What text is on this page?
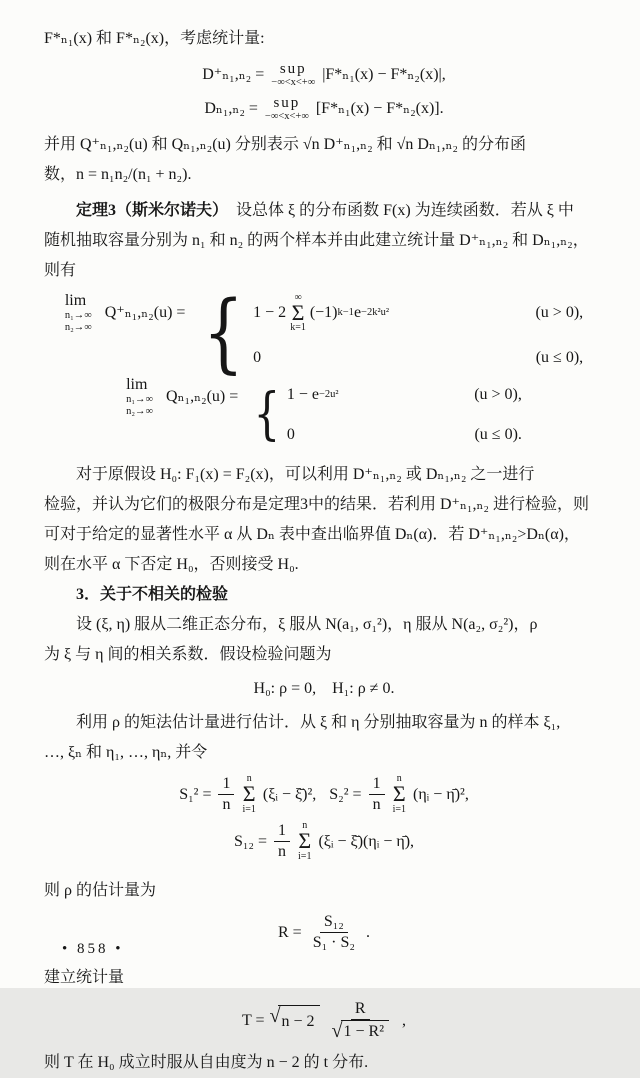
F*ₙ₁(x) 和 F*ₙ₂(x)，考虑统计量:
D⁺ₙ₁,ₙ₂ = sup
−∞<x<+∞ |F*ₙ₁(x) − F*ₙ₂(x)|,
Dₙ₁,ₙ₂ = sup
−∞<x<+∞ [F*ₙ₁(x) − F*ₙ₂(x)].
并用 Q⁺ₙ₁,ₙ₂(u) 和 Qₙ₁,ₙ₂(u) 分别表示 √n D⁺ₙ₁,ₙ₂ 和 √n Dₙ₁,ₙ₂ 的分布函
数，n = n₁n₂/(n₁ + n₂).
定理3（斯米尔诺夫）　设总体 ξ 的分布函数 F(x) 为连续函数．若从 ξ 中
随机抽取容量分别为 n₁ 和 n₂ 的两个样本并由此建立统计量 D⁺ₙ₁,ₙ₂ 和 Dₙ₁,ₙ₂，
则有
lim
n₁→∞
n₂→∞
Q⁺ₙ₁,ₙ₂(u) = { 1 − 2
∞
Σ
k=1
(−1) k−1 e −2k²u²	(u > 0),
0	(u ≤ 0),
lim
n₁→∞
n₂→∞
Qₙ₁,ₙ₂(u) = { 1 − e −2u²	(u > 0),
0	(u ≤ 0).
对于原假设 H₀: F₁(x) = F₂(x)，可以利用 D⁺ₙ₁,ₙ₂ 或 Dₙ₁,ₙ₂ 之一进行
检验，并认为它们的极限分布是定理3中的结果．若利用 D⁺ₙ₁,ₙ₂ 进行检验，则
可对于给定的显著性水平 α 从 Dₙ 表中查出临界值 Dₙ(α)．若 D⁺ₙ₁,ₙ₂>Dₙ(α)，
则在水平 α 下否定 H₀，否则接受 H₀.
3．关于不相关的检验
设 (ξ, η) 服从二维正态分布，ξ 服从 N(a₁, σ₁²)，η 服从 N(a₂, σ₂²)，ρ
为 ξ 与 η 间的相关系数．假设检验问题为
H₀: ρ = 0,　H₁: ρ ≠ 0.
利用 ρ 的矩法估计量进行估计．从 ξ 和 η 分别抽取容量为 n 的样本 ξ₁,
…, ξₙ 和 η₁, …, ηₙ, 并令
$S_1^2 = \frac{1}{n}$ n
Σ
i=1
(ξᵢ − ξ̄)², $S_2^2 = \frac{1}{n}$ n
Σ
i=1
(ηᵢ − η̄)²,
$S_{12} = \frac{1}{n}$ n
Σ
i=1
(ξᵢ − ξ̄)(ηᵢ − η̄),
则 ρ 的估计量为
$R = \frac{\text{S₁₂}}{\text{S₁ · S₂}}$ .
建立统计量
T = √ $n - 2 \frac{R}{\text{√ 1 − R²}}$ ,
则 T 在 H₀ 成立时服从自由度为 n − 2 的 t 分布.
• 858 •
